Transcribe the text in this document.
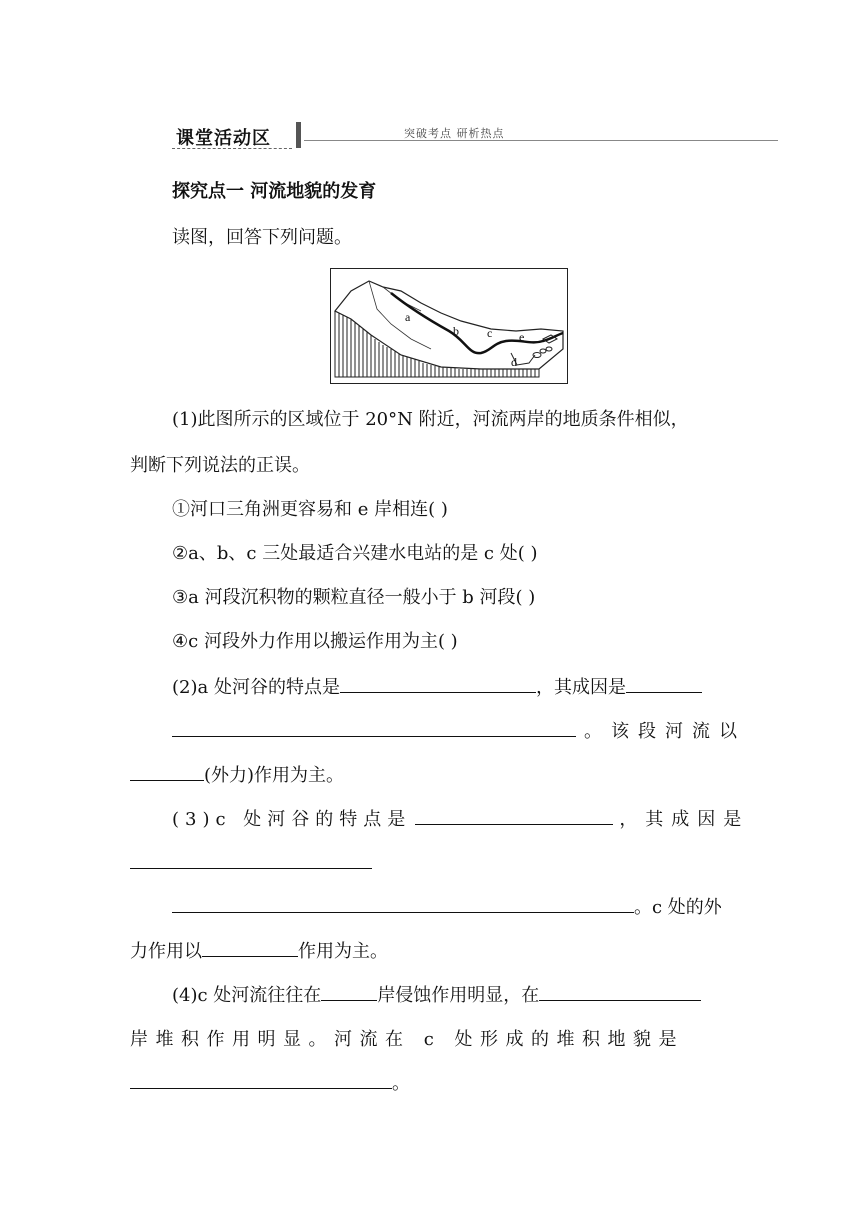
课堂活动区	突破考点 研析热点
探究点一 河流地貌的发育
读图，回答下列问题。
a
b c e
d
(1)此图所示的区域位于 20°N 附近，河流两岸的地质条件相似，
判断下列说法的正误。
①河口三角洲更容易和 e 岸相连( )
②a、b、c 三处最适合兴建水电站的是 c 处( )
③a 河段沉积物的颗粒直径一般小于 b 河段( )
④c 河段外力作用以搬运作用为主( )
(2)a 处河谷的特点是	，其成因是
。该段河流以
(外力)作用为主。
(3)c 处河谷的特点是	，其成因是
。c 处的外
力作用以	作用为主。
(4)c 处河流往往在	岸侵蚀作用明显，在
岸堆积作用明显。河流在 c 处形成的堆积地貌是
。
